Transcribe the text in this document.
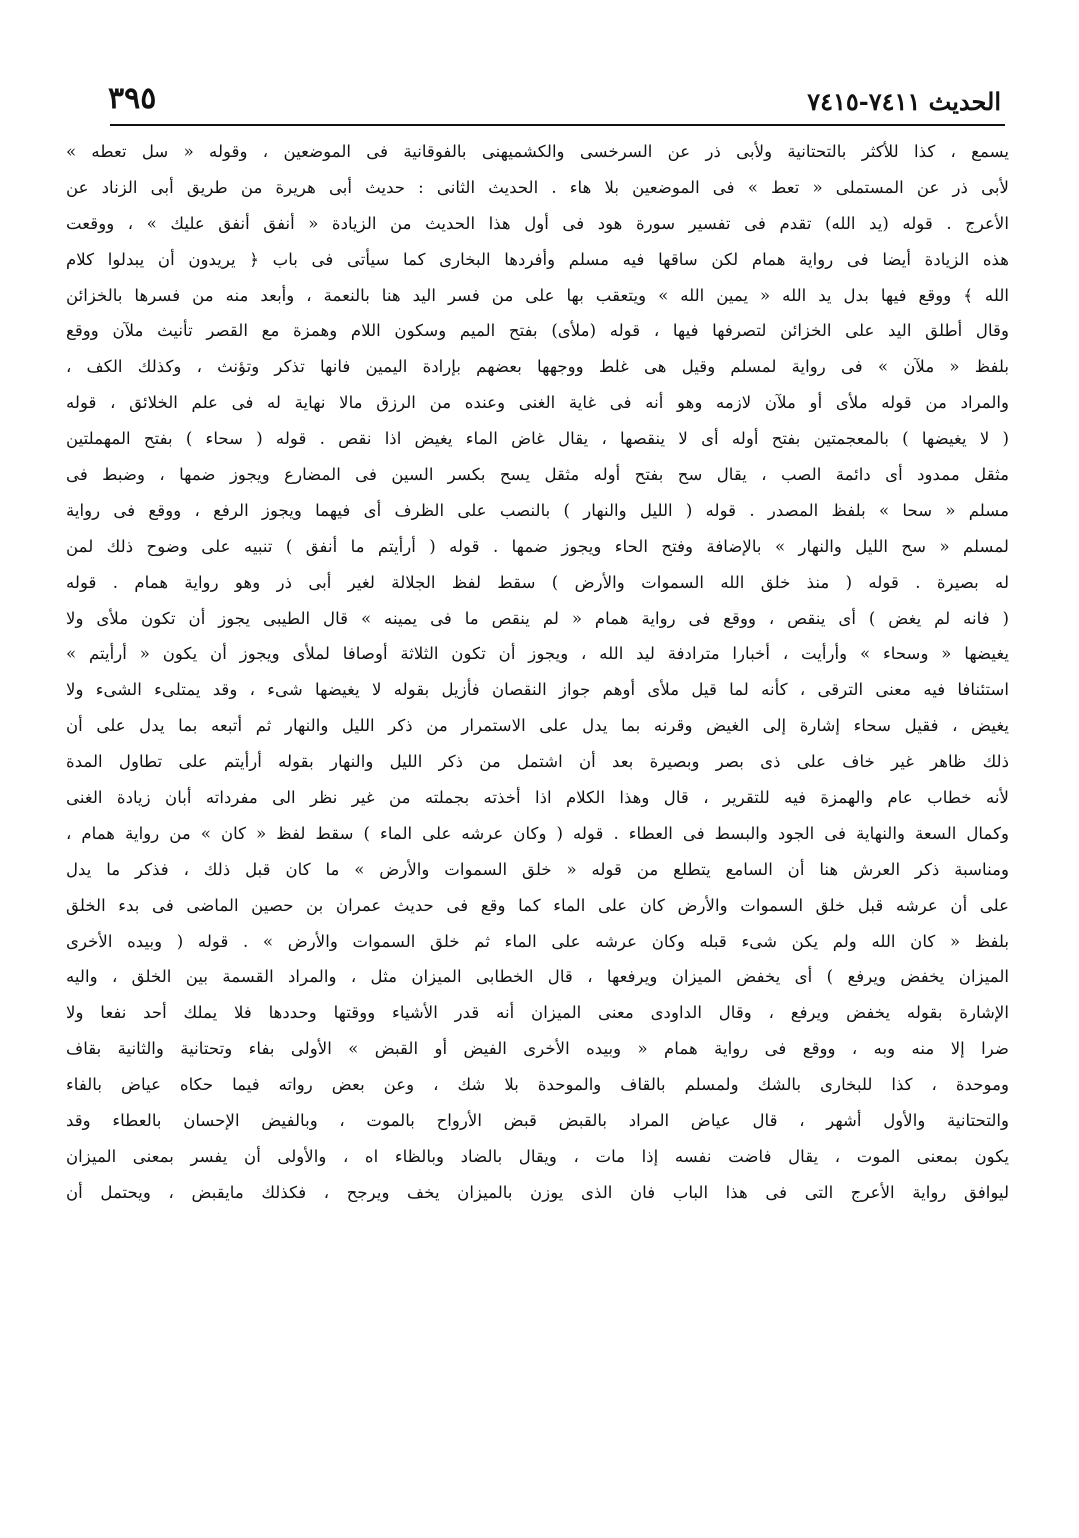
الحديث ٧٤١١-٧٤١٥
٣٩٥
يسمع ، كذا للأكثر بالتحتانية ولأبى ذر عن السرخسى والكشميهنى بالفوقانية فى الموضعين ، وقوله « سل تعطه »
لأبى ذر عن المستملى « تعط » فى الموضعين بلا هاء . الحديث الثانى : حديث أبى هريرة من طريق أبى الزناد عن
الأعرج . قوله (يد الله) تقدم فى تفسير سورة هود فى أول هذا الحديث من الزيادة « أنفق أنفق عليك » ، ووقعت
هذه الزيادة أيضا فى رواية همام لكن ساقها فيه مسلم وأفردها البخارى كما سيأتى فى باب ﴿ يريدون أن يبدلوا كلام
الله ﴾ ووقع فيها بدل يد الله « يمين الله » ويتعقب بها على من فسر اليد هنا بالنعمة ، وأبعد منه من فسرها بالخزائن
وقال أطلق اليد على الخزائن لتصرفها فيها ، قوله (ملأى) بفتح الميم وسكون اللام وهمزة مع القصر تأنيث ملآن ووقع
بلفظ « ملآن » فى رواية لمسلم وقيل هى غلط ووجهها بعضهم بإرادة اليمين فانها تذكر وتؤنث ، وكذلك الكف ،
والمراد من قوله ملأى أو ملآن لازمه وهو أنه فى غاية الغنى وعنده من الرزق مالا نهاية له فى علم الخلائق ، قوله
( لا يغيضها ) بالمعجمتين بفتح أوله أى لا ينقصها ، يقال غاض الماء يغيض اذا نقص . قوله ( سحاء ) بفتح المهملتين
مثقل ممدود أى دائمة الصب ، يقال سح بفتح أوله مثقل يسح بكسر السين فى المضارع ويجوز ضمها ، وضبط فى
مسلم « سحا » بلفظ المصدر . قوله ( الليل والنهار ) بالنصب على الظرف أى فيهما ويجوز الرفع ، ووقع فى رواية
لمسلم « سح الليل والنهار » بالإضافة وفتح الحاء ويجوز ضمها . قوله ( أرأيتم ما أنفق ) تنبيه على وضوح ذلك لمن
له بصيرة . قوله ( منذ خلق الله السموات والأرض ) سقط لفظ الجلالة لغير أبى ذر وهو رواية همام . قوله
( فانه لم يغض ) أى ينقص ، ووقع فى رواية همام « لم ينقص ما فى يمينه » قال الطيبى يجوز أن تكون ملأى ولا
يغيضها « وسحاء » وأرأيت ، أخبارا مترادفة ليد الله ، ويجوز أن تكون الثلاثة أوصافا لملأى ويجوز أن يكون « أرأيتم »
استئنافا فيه معنى الترقى ، كأنه لما قيل ملأى أوهم جواز النقصان فأزيل بقوله لا يغيضها شىء ، وقد يمتلىء الشىء ولا
يغيض ، فقيل سحاء إشارة إلى الغيض وقرنه بما يدل على الاستمرار من ذكر الليل والنهار ثم أتبعه بما يدل على أن
ذلك ظاهر غير خاف على ذى بصر وبصيرة بعد أن اشتمل من ذكر الليل والنهار بقوله أرأيتم على تطاول المدة
لأنه خطاب عام والهمزة فيه للتقرير ، قال وهذا الكلام اذا أخذته بجملته من غير نظر الى مفرداته أبان زيادة الغنى
وكمال السعة والنهاية فى الجود والبسط فى العطاء . قوله ( وكان عرشه على الماء ) سقط لفظ « كان » من رواية همام ،
ومناسبة ذكر العرش هنا أن السامع يتطلع من قوله « خلق السموات والأرض » ما كان قبل ذلك ، فذكر ما يدل
على أن عرشه قبل خلق السموات والأرض كان على الماء كما وقع فى حديث عمران بن حصين الماضى فى بدء الخلق
بلفظ « كان الله ولم يكن شىء قبله وكان عرشه على الماء ثم خلق السموات والأرض » . قوله ( وبيده الأخرى
الميزان يخفض ويرفع ) أى يخفض الميزان ويرفعها ، قال الخطابى الميزان مثل ، والمراد القسمة بين الخلق ، واليه
الإشارة بقوله يخفض ويرفع ، وقال الداودى معنى الميزان أنه قدر الأشياء ووقتها وحددها فلا يملك أحد نفعا ولا
ضرا إلا منه وبه ، ووقع فى رواية همام « وبيده الأخرى الفيض أو القبض » الأولى بفاء وتحتانية والثانية بقاف
وموحدة ، كذا للبخارى بالشك ولمسلم بالقاف والموحدة بلا شك ، وعن بعض رواته فيما حكاه عياض بالفاء
والتحتانية والأول أشهر ، قال عياض المراد بالقبض قبض الأرواح بالموت ، وبالفيض الإحسان بالعطاء وقد
يكون بمعنى الموت ، يقال فاضت نفسه إذا مات ، ويقال بالضاد وبالظاء اه ، والأولى أن يفسر بمعنى الميزان
ليوافق رواية الأعرج التى فى هذا الباب فان الذى يوزن بالميزان يخف ويرجح ، فكذلك مايقبض ، ويحتمل أن
